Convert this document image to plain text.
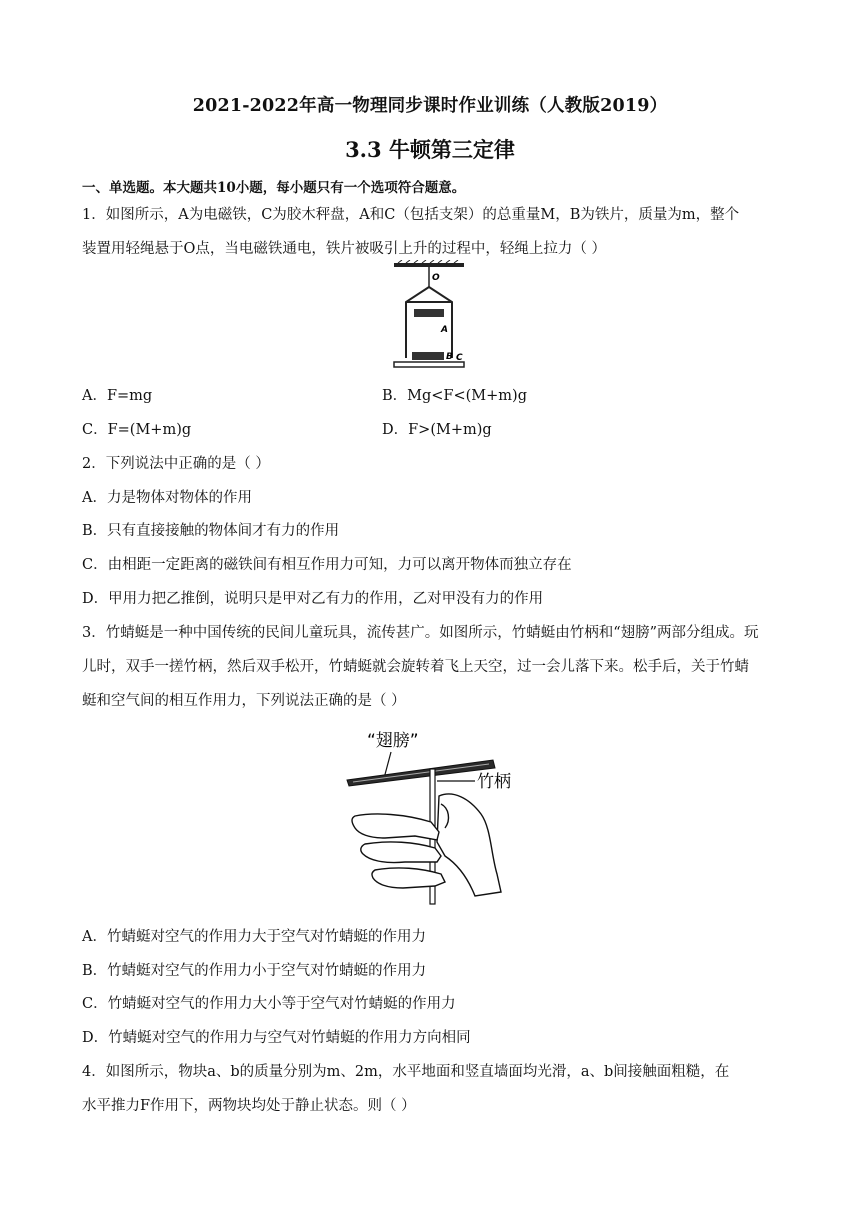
2021-2022年高一物理同步课时作业训练（人教版2019）
3.3 牛顿第三定律
一、单选题。本大题共10小题，每小题只有一个选项符合题意。
1．如图所示，A为电磁铁，C为胶木秤盘，A和C（包括支架）的总重量M，B为铁片，质量为m，整个
装置用轻绳悬于O点，当电磁铁通电，铁片被吸引上升的过程中，轻绳上拉力（ ）
O
A
B C
A．F=mg	B．Mg<F<(M+m)g
C．F=(M+m)g	D．F>(M+m)g
2．下列说法中正确的是（ ）
A．力是物体对物体的作用
B．只有直接接触的物体间才有力的作用
C．由相距一定距离的磁铁间有相互作用力可知，力可以离开物体而独立存在
D．甲用力把乙推倒，说明只是甲对乙有力的作用，乙对甲没有力的作用
3．竹蜻蜓是一种中国传统的民间儿童玩具，流传甚广。如图所示，竹蜻蜓由竹柄和“翅膀”两部分组成。玩
儿时，双手一搓竹柄，然后双手松开，竹蜻蜓就会旋转着飞上天空，过一会儿落下来。松手后，关于竹蜻
蜓和空气间的相互作用力，下列说法正确的是（ ）
“翅膀”
竹柄
A．竹蜻蜓对空气的作用力大于空气对竹蜻蜓的作用力
B．竹蜻蜓对空气的作用力小于空气对竹蜻蜓的作用力
C．竹蜻蜓对空气的作用力大小等于空气对竹蜻蜓的作用力
D．竹蜻蜓对空气的作用力与空气对竹蜻蜓的作用力方向相同
4．如图所示，物块a、b的质量分别为m、2m，水平地面和竖直墙面均光滑，a、b间接触面粗糙，在
水平推力F作用下，两物块均处于静止状态。则（ ）
